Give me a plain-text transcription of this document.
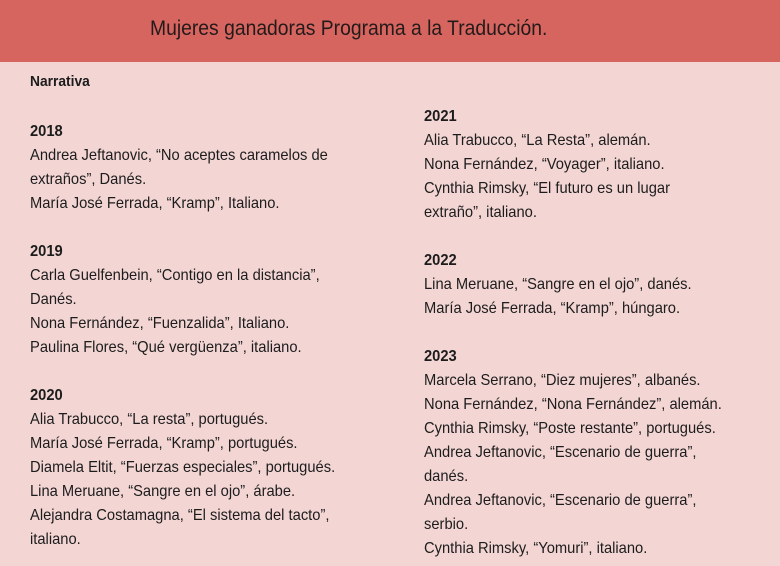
Mujeres ganadoras Programa a la Traducción.

Narrativa

2018

Andrea Jeftanovic, “No aceptes caramelos de

extraños”, Danés.

María José Ferrada, “Kramp”, Italiano.

2019

Carla Guelfenbein, “Contigo en la distancia”,

Danés.

Nona Fernández, “Fuenzalida”, Italiano.

Paulina Flores, “Qué vergüenza”, italiano.

2020

Alia Trabucco, “La resta”, portugués.

María José Ferrada, “Kramp”, portugués.

Diamela Eltit, “Fuerzas especiales”, portugués.

Lina Meruane, “Sangre en el ojo”, árabe.

Alejandra Costamagna, “El sistema del tacto”,

italiano.

2021

Alia Trabucco, “La Resta”, alemán.

Nona Fernández, “Voyager”, italiano.

Cynthia Rimsky, “El futuro es un lugar

extraño”, italiano.

2022

Lina Meruane, “Sangre en el ojo”, danés.

María José Ferrada, “Kramp”, húngaro.

2023

Marcela Serrano, “Diez mujeres”, albanés.

Nona Fernández, “Nona Fernández”, alemán.

Cynthia Rimsky, “Poste restante”, portugués.

Andrea Jeftanovic, “Escenario de guerra”, danés.

Andrea Jeftanovic, “Escenario de guerra”, serbio.

Cynthia Rimsky, “Yomuri”, italiano.
